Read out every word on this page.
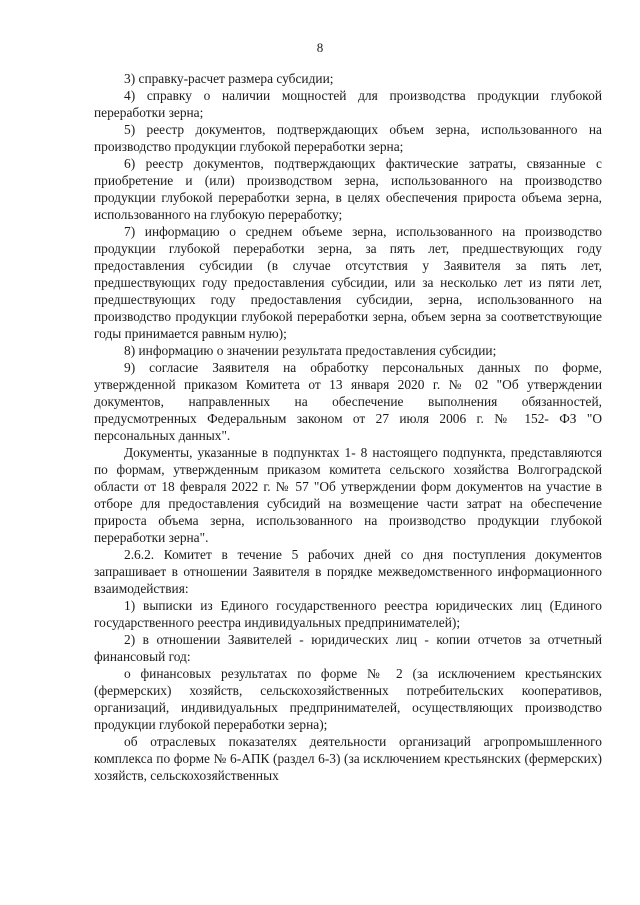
8

3) справку-расчет размера субсидии;

4) справку о наличии мощностей для производства продукции глубокой переработки зерна;

5) реестр документов, подтверждающих объем зерна, использованного на производство продукции глубокой переработки зерна;

6) реестр документов, подтверждающих фактические затраты, связанные с приобретение и (или) производством зерна, использованного на производство продукции глубокой переработки зерна, в целях обеспечения прироста объема зерна, использованного на глубокую переработку;

7) информацию о среднем объеме зерна, использованного на производство продукции глубокой переработки зерна, за пять лет, предшествующих году предоставления субсидии (в случае отсутствия у Заявителя за пять лет, предшествующих году предоставления субсидии, или за несколько лет из пяти лет, предшествующих году предоставления субсидии, зерна, использованного на производство продукции глубокой переработки зерна, объем зерна за соответствующие годы принимается равным нулю);

8) информацию о значении результата предоставления субсидии;

9) согласие Заявителя на обработку персональных данных по форме, утвержденной приказом Комитета от 13 января 2020 г. № 02 "Об утверждении документов, направленных на обеспечение выполнения обязанностей, предусмотренных Федеральным законом от 27 июля 2006 г. № 152- ФЗ "О персональных данных".

Документы, указанные в подпунктах 1- 8 настоящего подпункта, представляются по формам, утвержденным приказом комитета сельского хозяйства Волгоградской области от 18 февраля 2022 г. № 57 "Об утверждении форм документов на участие в отборе для предоставления субсидий на возмещение части затрат на обеспечение прироста объема зерна, использованного на производство продукции глубокой переработки зерна".

2.6.2. Комитет в течение 5 рабочих дней со дня поступления документов запрашивает в отношении Заявителя в порядке межведомственного информационного взаимодействия:

1) выписки из Единого государственного реестра юридических лиц (Единого государственного реестра индивидуальных предпринимателей);

2) в отношении Заявителей - юридических лиц - копии отчетов за отчетный финансовый год:

о финансовых результатах по форме № 2 (за исключением крестьянских (фермерских) хозяйств, сельскохозяйственных потребительских кооперативов, организаций, индивидуальных предпринимателей, осуществляющих производство продукции глубокой переработки зерна);

об отраслевых показателях деятельности организаций агропромышленного комплекса по форме № 6-АПК (раздел 6-3) (за исключением крестьянских (фермерских) хозяйств, сельскохозяйственных
